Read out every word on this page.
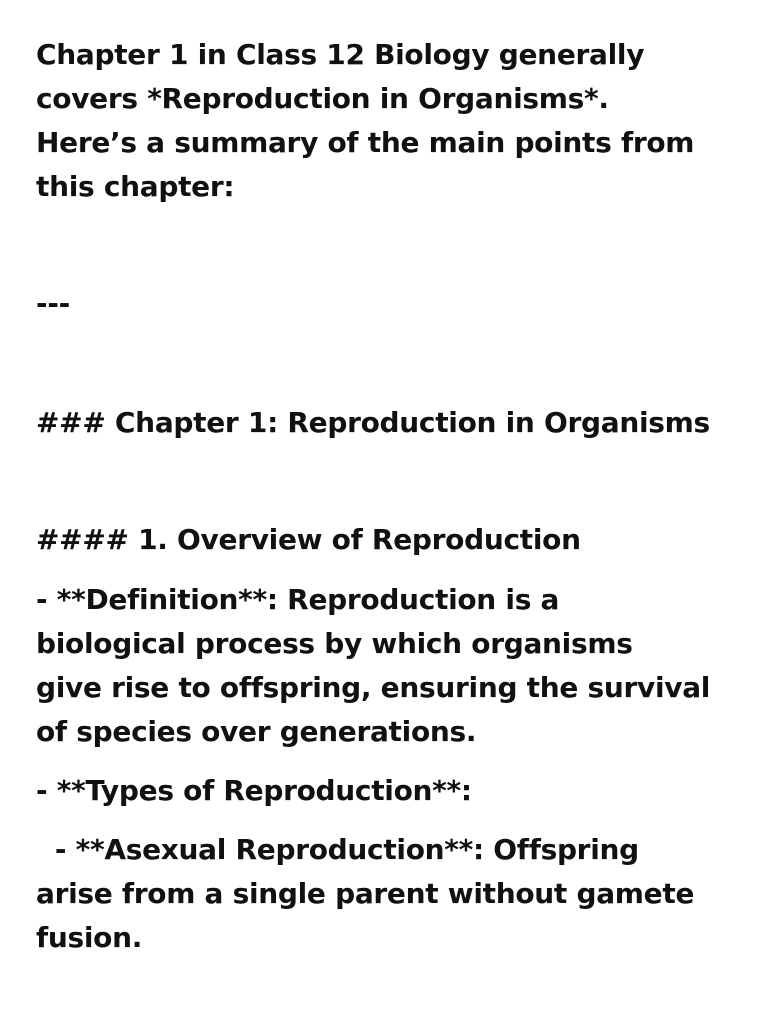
Chapter 1 in Class 12 Biology generally

covers *Reproduction in Organisms*.

Here’s a summary of the main points from

this chapter:

---

### Chapter 1: Reproduction in Organisms

#### 1. Overview of Reproduction

- **Definition**: Reproduction is a

biological process by which organisms

give rise to offspring, ensuring the survival

of species over generations.

- **Types of Reproduction**:

- **Asexual Reproduction**: Offspring

arise from a single parent without gamete

fusion.
